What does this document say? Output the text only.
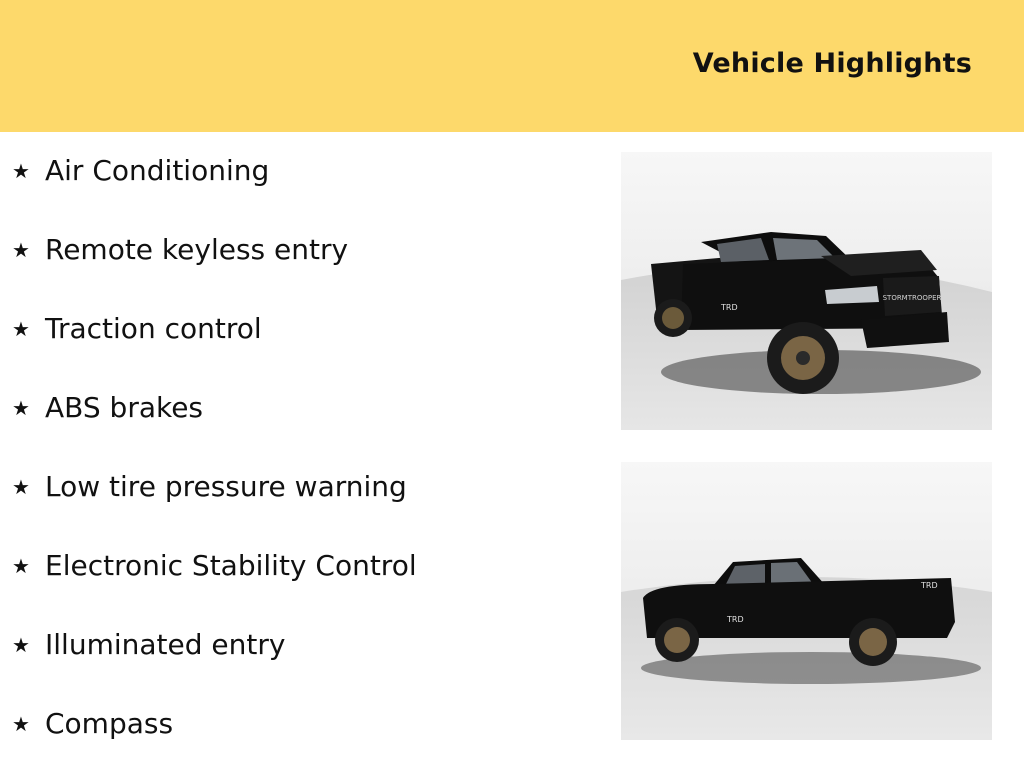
Vehicle Highlights
★ Air Conditioning
★ Remote keyless entry
★ Traction control
★ ABS brakes
★ Low tire pressure warning
★ Electronic Stability Control
★ Illuminated entry
★ Compass
STORMTROOPER
TRD
TRD
TRD
